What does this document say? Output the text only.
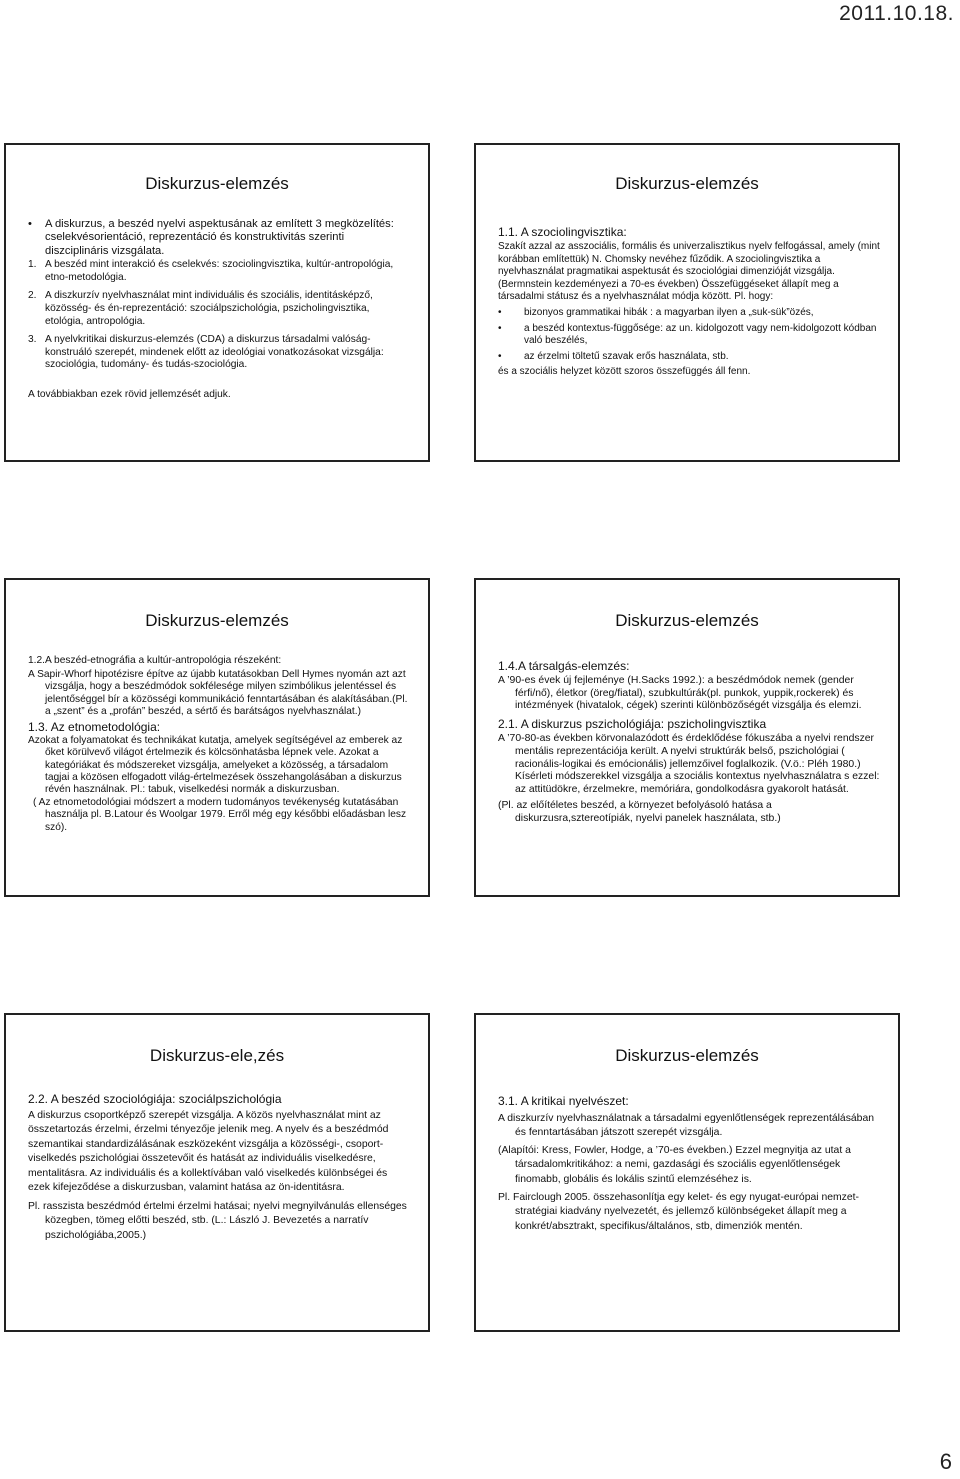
2011.10.18.
Diskurzus-elemzés

• A diskurzus, a beszéd nyelvi aspektusának az említett 3 megközelítés: cselekvésorientáció, reprezentáció és konstruktivitás szerinti diszciplináris vizsgálata.

1. A beszéd mint interakció és cselekvés: szociolingvisztika, kultúr-antropológia, etno-metodológia.

2. A diszkurzív nyelvhasználat mint individuális és szociális, identitásképző, közösség- és én-reprezentáció: szociálpszichológia, pszicholingvisztika, etológia, antropológia.

3. A nyelvkritikai diskurzus-elemzés (CDA) a diskurzus társadalmi valóság-konstruáló szerepét, mindenek előtt az ideológiai vonatkozásokat vizsgálja: szociológia, tudomány- és tudás-szociológia.

A továbbiakban ezek rövid jellemzését adjuk.

Diskurzus-elemzés

1.1. A szociolingvisztika:

Szakít azzal az asszociális, formális és univerzalisztikus nyelv felfogással, amely (mint korábban említettük) N. Chomsky nevéhez fűződik. A szociolingvisztika a nyelvhasználat pragmatikai aspektusát és szociológiai dimenzióját vizsgálja.(Bermnstein kezdeményezi a 70-es években) Összefüggéseket állapít meg a társadalmi státusz és a nyelvhasználat módja között. Pl. hogy:

•	bizonyos grammatikai hibák : a magyarban ilyen a „suk-sük”özés,
•	a beszéd kontextus-függősége: az un. kidolgozott vagy nem-kidolgozott kódban való beszélés,
•	az érzelmi töltetű szavak erős használata, stb.

és a szociális helyzet között szoros összefüggés áll fenn.

Diskurzus-elemzés

1.2.A beszéd-etnográfia a kultúr-antropológia részeként:

A Sapir-Whorf hipotézisre építve az újabb kutatásokban Dell Hymes nyomán azt azt vizsgálja, hogy a beszédmódok sokfélesége milyen szimbólikus jelentéssel és jelentőséggel bír a közösségi kommunikáció fenntartásában és alakításában.(Pl. a „szent” és a „profán” beszéd, a sértő és barátságos nyelvhasználat.)

1.3. Az etnometodológia:

Azokat a folyamatokat és technikákat kutatja, amelyek segítségével az emberek az őket körülvevő világot értelmezik és kölcsönhatásba lépnek vele. Azokat a kategóriákat és módszereket vizsgálja, amelyeket a közösség, a társadalom tagjai a közösen elfogadott világ-értelmezések összehangolásában a diskurzus révén használnak. Pl.: tabuk, viselkedési normák a diskurzusban.

( Az etnometodológiai módszert a modern tudományos tevékenység kutatásában használja pl. B.Latour és Woolgar 1979. Erről még egy későbbi előadásban lesz szó).

Diskurzus-elemzés

1.4.A társalgás-elemzés:

A ’90-es évek új fejleménye (H.Sacks 1992.): a beszédmódok nemek (gender férfi/nő), életkor (öreg/fiatal), szubkultúrák(pl. punkok, yuppik,rockerek) és intézmények (hivatalok, cégek) szerinti különbözőségét vizsgálja és elemzi.

2.1. A diskurzus pszichológiája: pszicholingvisztika

A ’70-80-as években körvonalazódott és érdeklődése fókuszába a nyelvi rendszer mentális reprezentációja került. A nyelvi struktúrák belső, pszichológiai ( racionális-logikai és emócionális) jellemzőivel foglalkozik. (V.ö.: Pléh 1980.) Kísérleti módszerekkel vizsgálja a szociális kontextus nyelvhasználatra s ezzel: az attitüdökre, érzelmekre, memóriára, gondolkodásra gyakorolt hatását.

(Pl. az előítéletes beszéd, a környezet befolyásoló hatása a diskurzusra,sztereotípiák, nyelvi panelek használata, stb.)

Diskurzus-ele,zés

2.2. A beszéd szociológiája: szociálpszichológia

A diskurzus csoportképző szerepét vizsgálja. A közös nyelvhasználat mint az összetartozás érzelmi, érzelmi tényezője jelenik meg. A nyelv és a beszédmód szemantikai standardizálásának eszközeként vizsgálja a közösségi-, csoport-viselkedés pszichológiai összetevőit és hatását az individuális viselkedésre, mentalitásra. Az individuális és a kollektívában való viselkedés különbségei és ezek kifejeződése a diskurzusban, valamint hatása az ön-identitásra.

Pl. rasszista beszédmód értelmi érzelmi hatásai; nyelvi megnyilvánulás ellenséges közegben, tömeg előtti beszéd, stb. (L.: László J. Bevezetés a narratív pszichológiába,2005.)

Diskurzus-elemzés

3.1. A kritikai nyelvészet:

A diszkurzív nyelvhasználatnak a társadalmi egyenlőtlenségek reprezentálásában és fenntartásában játszott szerepét vizsgálja.

(Alapítói: Kress, Fowler, Hodge, a ’70-es években.) Ezzel megnyitja az utat a társadalomkritikához: a nemi, gazdasági és szociális egyenlőtlenségek finomabb, globális és lokális szintű elemzéséhez is.

Pl. Fairclough 2005. összehasonlítja egy kelet- és egy nyugat-európai nemzet-stratégiai kiadvány nyelvezetét, és jellemző különbségeket állapít meg a konkrét/absztrakt, specifikus/általános, stb, dimenziók mentén.

6
